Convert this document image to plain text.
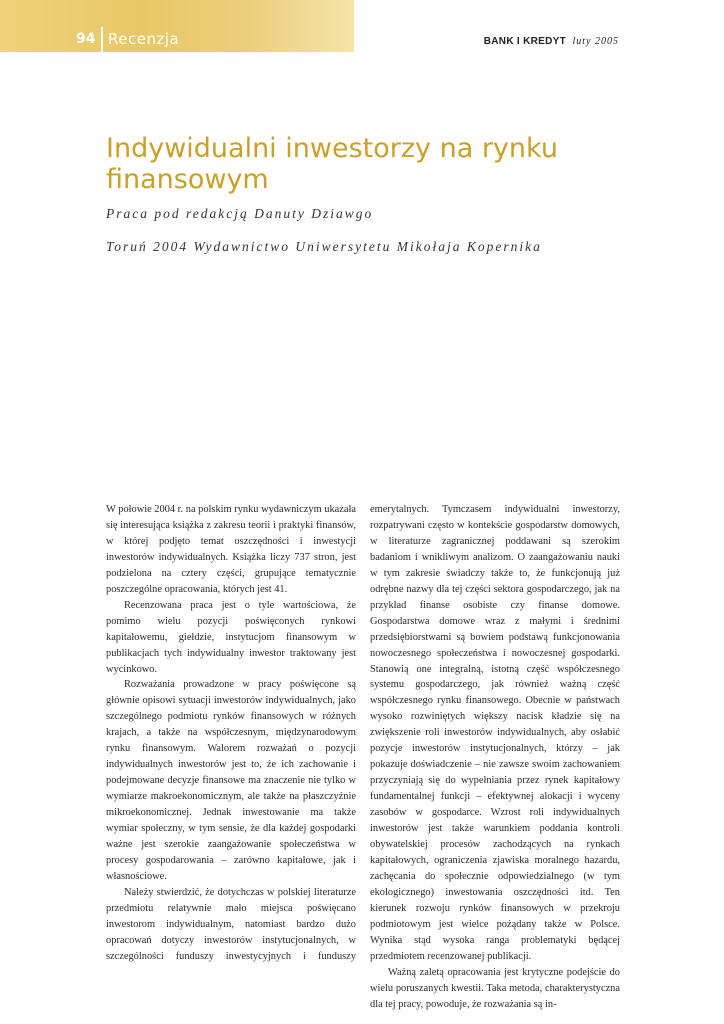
94 Recenzja	BANK I KREDYT luty 2005
Indywidualni inwestorzy na rynku
finansowym

Praca pod redakcją Danuty Dziawgo

Toruń 2004 Wydawnictwo Uniwersytetu Mikołaja Kopernika

W połowie 2004 r. na polskim rynku wydawniczym ukazała się interesująca książka z zakresu teorii i praktyki finansów, w której podjęto temat oszczędności i inwestycji inwestorów indywidualnych. Książka liczy 737 stron, jest podzielona na cztery części, grupujące tematycznie poszczególne opracowania, których jest 41.

Recenzowana praca jest o tyle wartościowa, że pomimo wielu pozycji poświęconych rynkowi kapitałowemu, giełdzie, instytucjom finansowym w publikacjach tych indywidualny inwestor traktowany jest wycinkowo.

Rozważania prowadzone w pracy poświęcone są głównie opisowi sytuacji inwestorów indywidualnych, jako szczególnego podmiotu rynków finansowych w różnych krajach, a także na współczesnym, międzynarodowym rynku finansowym. Walorem rozważań o pozycji indywidualnych inwestorów jest to, że ich zachowanie i podejmowane decyzje finansowe ma znaczenie nie tylko w wymiarze makroekonomicznym, ale także na płaszczyźnie mikroekonomicznej. Jednak inwestowanie ma także wymiar społeczny, w tym sensie, że dla każdej gospodarki ważne jest szerokie zaangażowanie społeczeństwa w procesy gospodarowania – zarówno kapitałowe, jak i własnościowe.

Należy stwierdzić, że dotychczas w polskiej literaturze przedmiotu relatywnie mało miejsca poświęcano inwestorom indywidualnym, natomiast bardzo dużo opracowań dotyczy inwestorów instytucjonalnych, w szczególności funduszy inwestycyjnych i funduszy

emerytalnych. Tymczasem indywidualni inwestorzy, rozpatrywani często w kontekście gospodarstw domowych, w literaturze zagranicznej poddawani są szerokim badaniom i wnikliwym analizom. O zaangażowaniu nauki w tym zakresie świadczy także to, że funkcjonują już odrębne nazwy dla tej części sektora gospodarczego, jak na przykład finanse osobiste czy finanse domowe. Gospodarstwa domowe wraz z małymi i średnimi przedsiębiorstwami są bowiem podstawą funkcjonowania nowoczesnego społeczeństwa i nowoczesnej gospodarki. Stanowią one integralną, istotną część współczesnego systemu gospodarczego, jak również ważną część współczesnego rynku finansowego. Obecnie w państwach wysoko rozwiniętych większy nacisk kładzie się na zwiększenie roli inwestorów indywidualnych, aby osłabić pozycje inwestorów instytucjonalnych, którzy – jak pokazuje doświadczenie – nie zawsze swoim zachowaniem przyczyniają się do wypełniania przez rynek kapitałowy fundamentalnej funkcji – efektywnej alokacji i wyceny zasobów w gospodarce. Wzrost roli indywidualnych inwestorów jest także warunkiem poddania kontroli obywatelskiej procesów zachodzących na rynkach kapitałowych, ograniczenia zjawiska moralnego hazardu, zachęcania do społecznie odpowiedzialnego (w tym ekologicznego) inwestowania oszczędności itd. Ten kierunek rozwoju rynków finansowych w przekroju podmiotowym jest wielce pożądany także w Polsce. Wynika stąd wysoka ranga problematyki będącej przedmiotem recenzowanej publikacji.

Ważną zaletą opracowania jest krytyczne podejście do wielu poruszanych kwestii. Taka metoda, charakterystyczna dla tej pracy, powoduje, że rozważania są in-
